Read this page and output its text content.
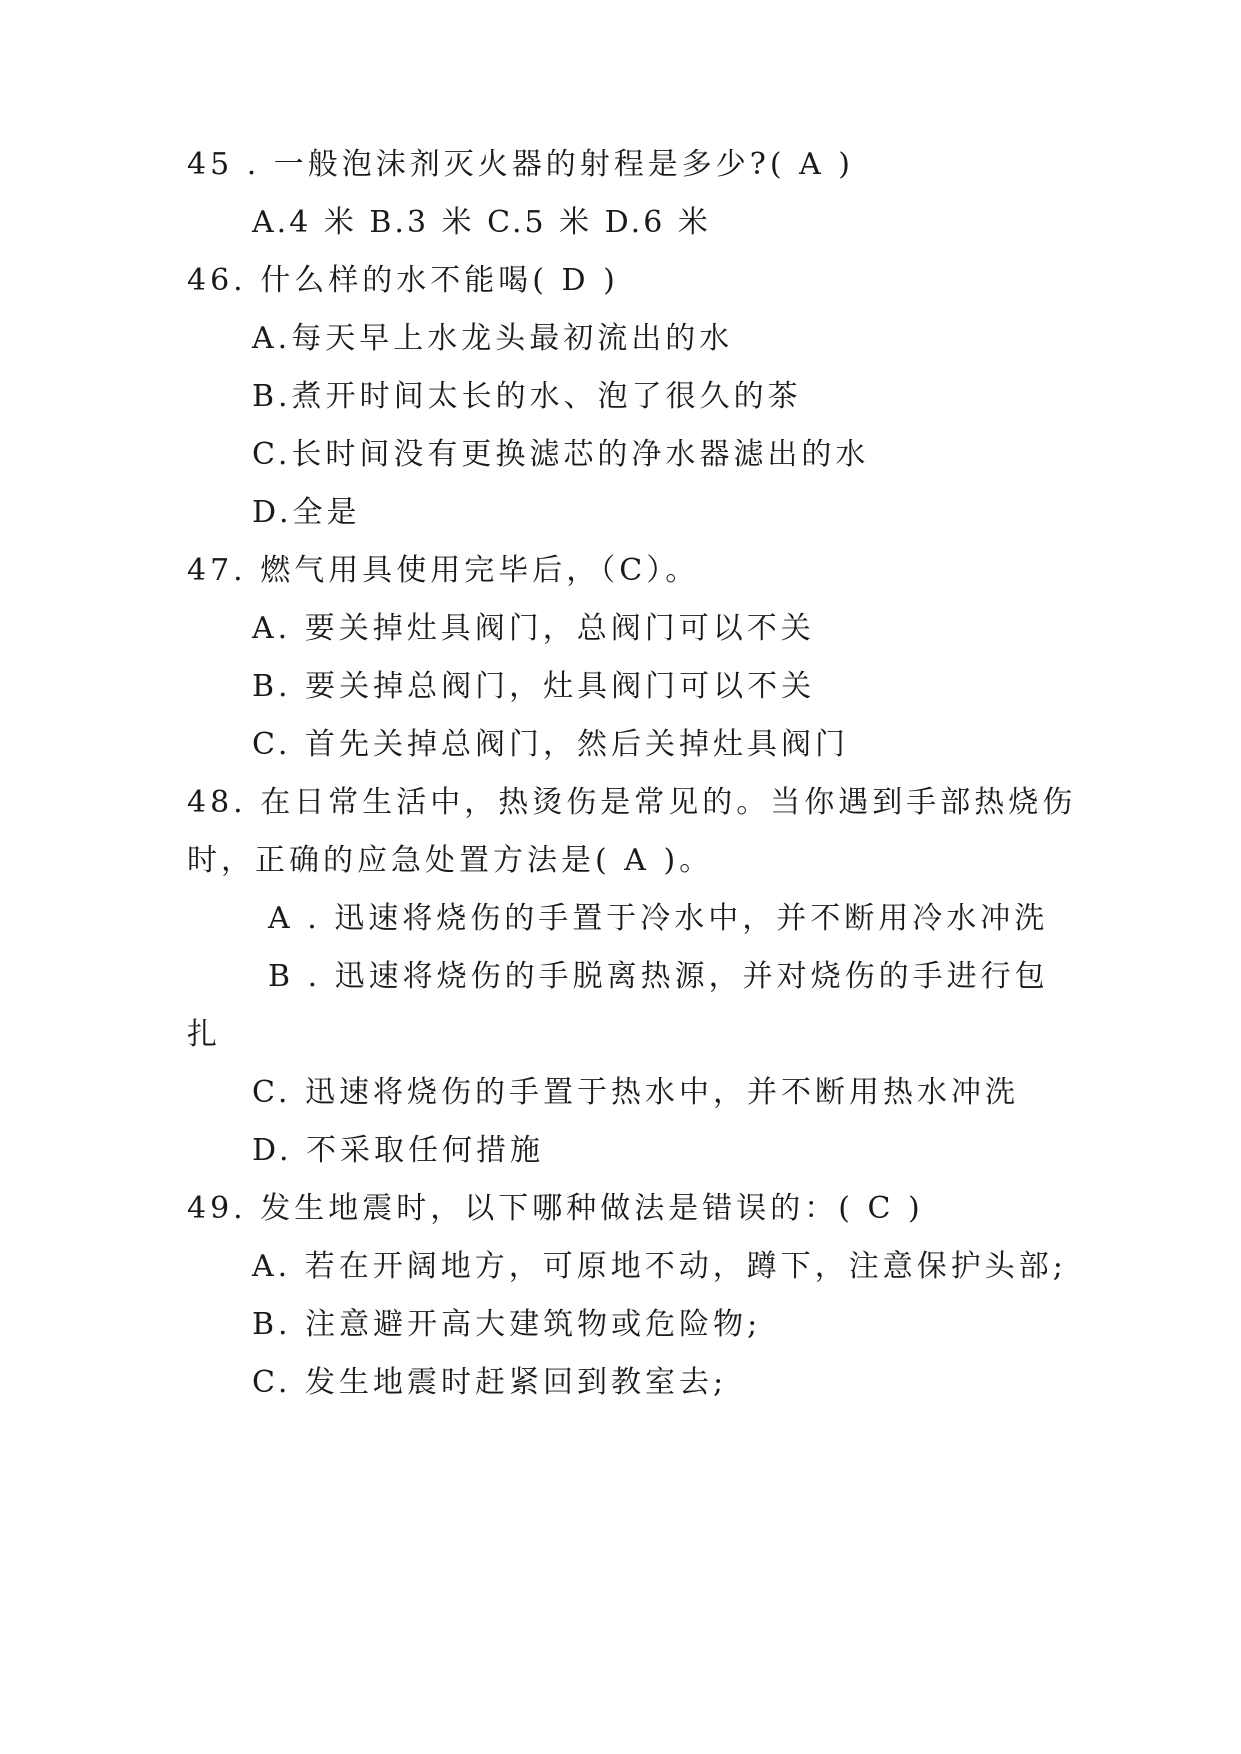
45 . 一般泡沫剂灭火器的射程是多少?( A )
A.4 米 B.3 米 C.5 米 D.6 米
46. 什么样的水不能喝( D )
A.每天早上水龙头最初流出的水
B.煮开时间太长的水、泡了很久的茶
C.长时间没有更换滤芯的净水器滤出的水
D.全是
47. 燃气用具使用完毕后，（C）。
A. 要关掉灶具阀门，总阀门可以不关
B. 要关掉总阀门，灶具阀门可以不关
C. 首先关掉总阀门，然后关掉灶具阀门
48. 在日常生活中，热烫伤是常见的。当你遇到手部热烧伤
时，正确的应急处置方法是( A )。
A . 迅速将烧伤的手置于冷水中，并不断用冷水冲洗
B . 迅速将烧伤的手脱离热源，并对烧伤的手进行包
扎
C. 迅速将烧伤的手置于热水中，并不断用热水冲洗
D. 不采取任何措施
49. 发生地震时，以下哪种做法是错误的：( C )
A. 若在开阔地方，可原地不动，蹲下，注意保护头部;
B. 注意避开高大建筑物或危险物;
C. 发生地震时赶紧回到教室去;
